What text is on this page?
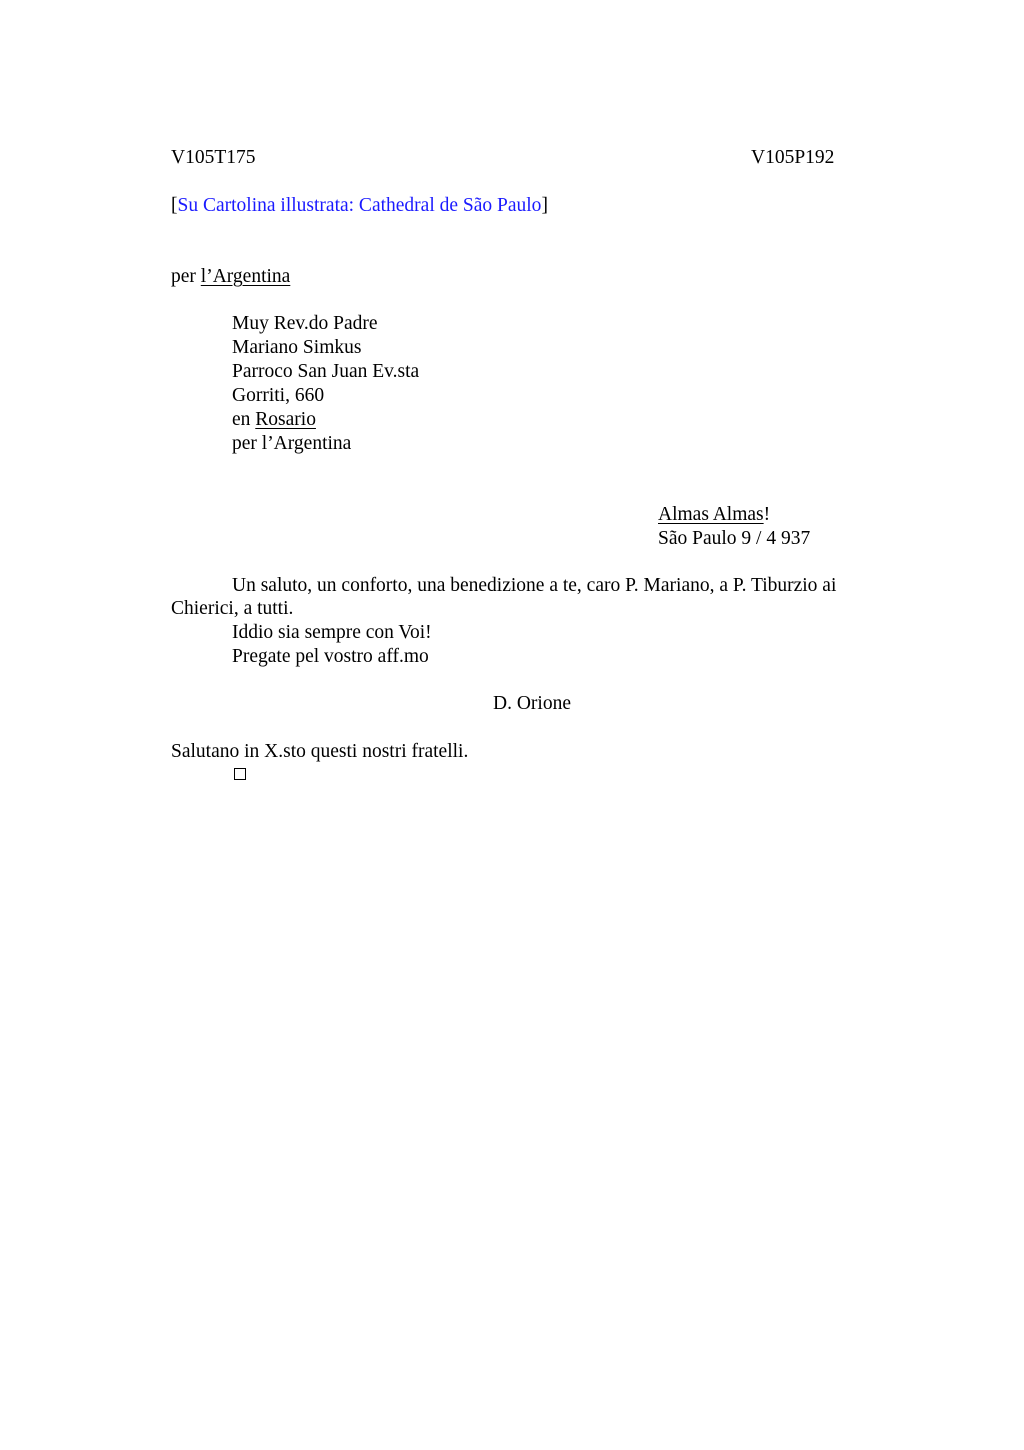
V105T175	V105P192
[Su Cartolina illustrata: Cathedral de São Paulo]
per l’Argentina
Muy Rev.do Padre
Mariano Simkus
Parroco San Juan Ev.sta
Gorriti, 660
en Rosario
per l’Argentina
Almas Almas!
São Paulo 9 / 4 937
Un saluto, un conforto, una benedizione a te, caro P. Mariano, a P. Tiburzio ai
Chierici, a tutti.
Iddio sia sempre con Voi!
Pregate pel vostro aff.mo
D. Orione
Salutano in X.sto questi nostri fratelli.
